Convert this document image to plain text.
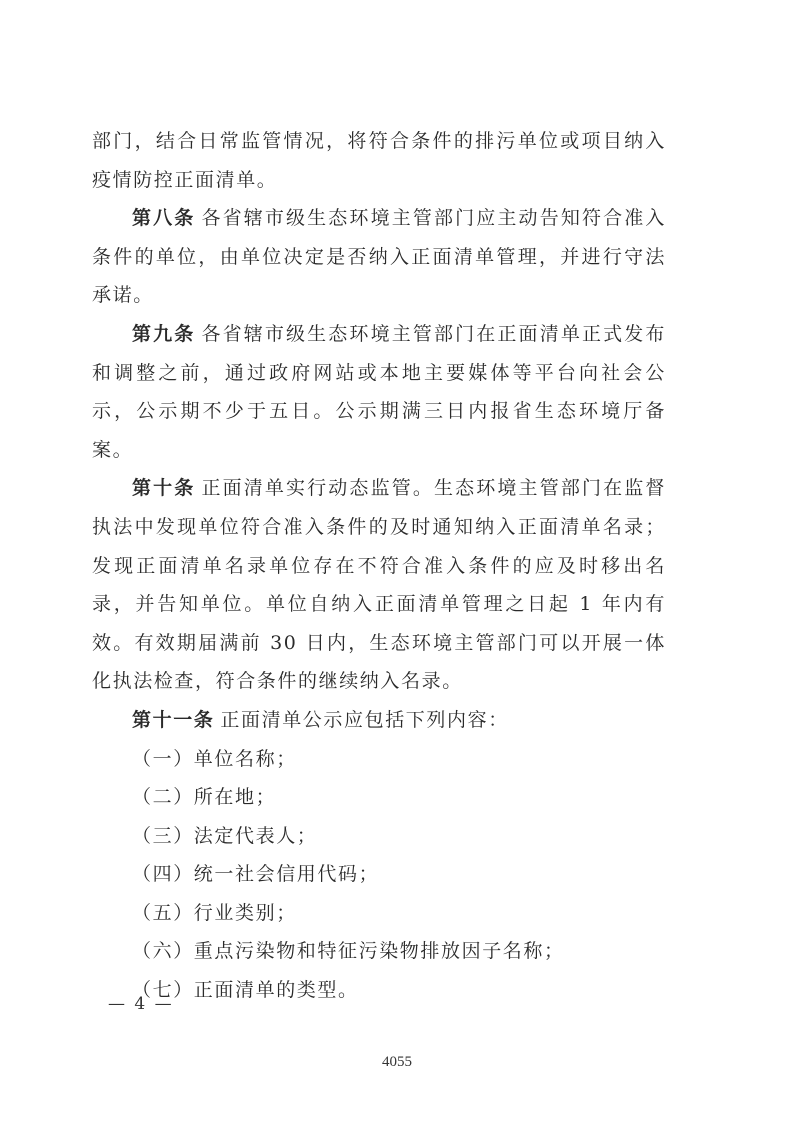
部门，结合日常监管情况，将符合条件的排污单位或项目纳入疫情防控正面清单。

第八条 各省辖市级生态环境主管部门应主动告知符合准入条件的单位，由单位决定是否纳入正面清单管理，并进行守法承诺。

第九条 各省辖市级生态环境主管部门在正面清单正式发布和调整之前，通过政府网站或本地主要媒体等平台向社会公示，公示期不少于五日。公示期满三日内报省生态环境厅备案。

第十条 正面清单实行动态监管。生态环境主管部门在监督执法中发现单位符合准入条件的及时通知纳入正面清单名录；发现正面清单名录单位存在不符合准入条件的应及时移出名录，并告知单位。单位自纳入正面清单管理之日起 1 年内有效。有效期届满前 30 日内，生态环境主管部门可以开展一体化执法检查，符合条件的继续纳入名录。

第十一条 正面清单公示应包括下列内容：

（一）单位名称；

（二）所在地；

（三）法定代表人；

（四）统一社会信用代码；

（五）行业类别；

（六）重点污染物和特征污染物排放因子名称；

（七）正面清单的类型。

— 4 —
4055
